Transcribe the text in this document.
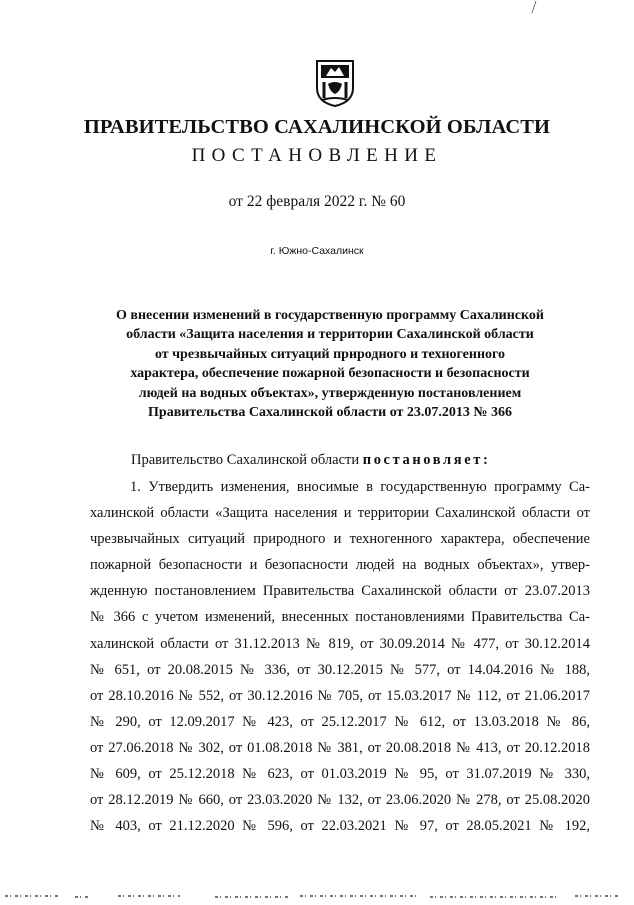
ПРАВИТЕЛЬСТВО САХАЛИНСКОЙ ОБЛАСТИ
ПОСТАНОВЛЕНИЕ
от 22 февраля 2022 г. № 60
г. Южно-Сахалинск
О внесении изменений в государственную программу Сахалинской
области «Защита населения и территории Сахалинской области
от чрезвычайных ситуаций природного и техногенного
характера, обеспечение пожарной безопасности и безопасности
людей на водных объектах», утвержденную постановлением
Правительства Сахалинской области от 23.07.2013 № 366
Правительство Сахалинской области постановляет:
1. Утвердить изменения, вносимые в государственную программу Са-
халинской области «Защита населения и территории Сахалинской области от
чрезвычайных ситуаций природного и техногенного характера, обеспечение
пожарной безопасности и безопасности людей на водных объектах», утвер-
жденную постановлением Правительства Сахалинской области от 23.07.2013
№ 366 с учетом изменений, внесенных постановлениями Правительства Са-
халинской области от 31.12.2013 № 819, от 30.09.2014 № 477, от 30.12.2014
№ 651, от 20.08.2015 № 336, от 30.12.2015 № 577, от 14.04.2016 № 188,
от 28.10.2016 № 552, от 30.12.2016 № 705, от 15.03.2017 № 112, от 21.06.2017
№ 290, от 12.09.2017 № 423, от 25.12.2017 № 612, от 13.03.2018 № 86,
от 27.06.2018 № 302, от 01.08.2018 № 381, от 20.08.2018 № 413, от 20.12.2018
№ 609, от 25.12.2018 № 623, от 01.03.2019 № 95, от 31.07.2019 № 330,
от 28.12.2019 № 660, от 23.03.2020 № 132, от 23.06.2020 № 278, от 25.08.2020
№ 403, от 21.12.2020 № 596, от 22.03.2021 № 97, от 28.05.2021 № 192,
